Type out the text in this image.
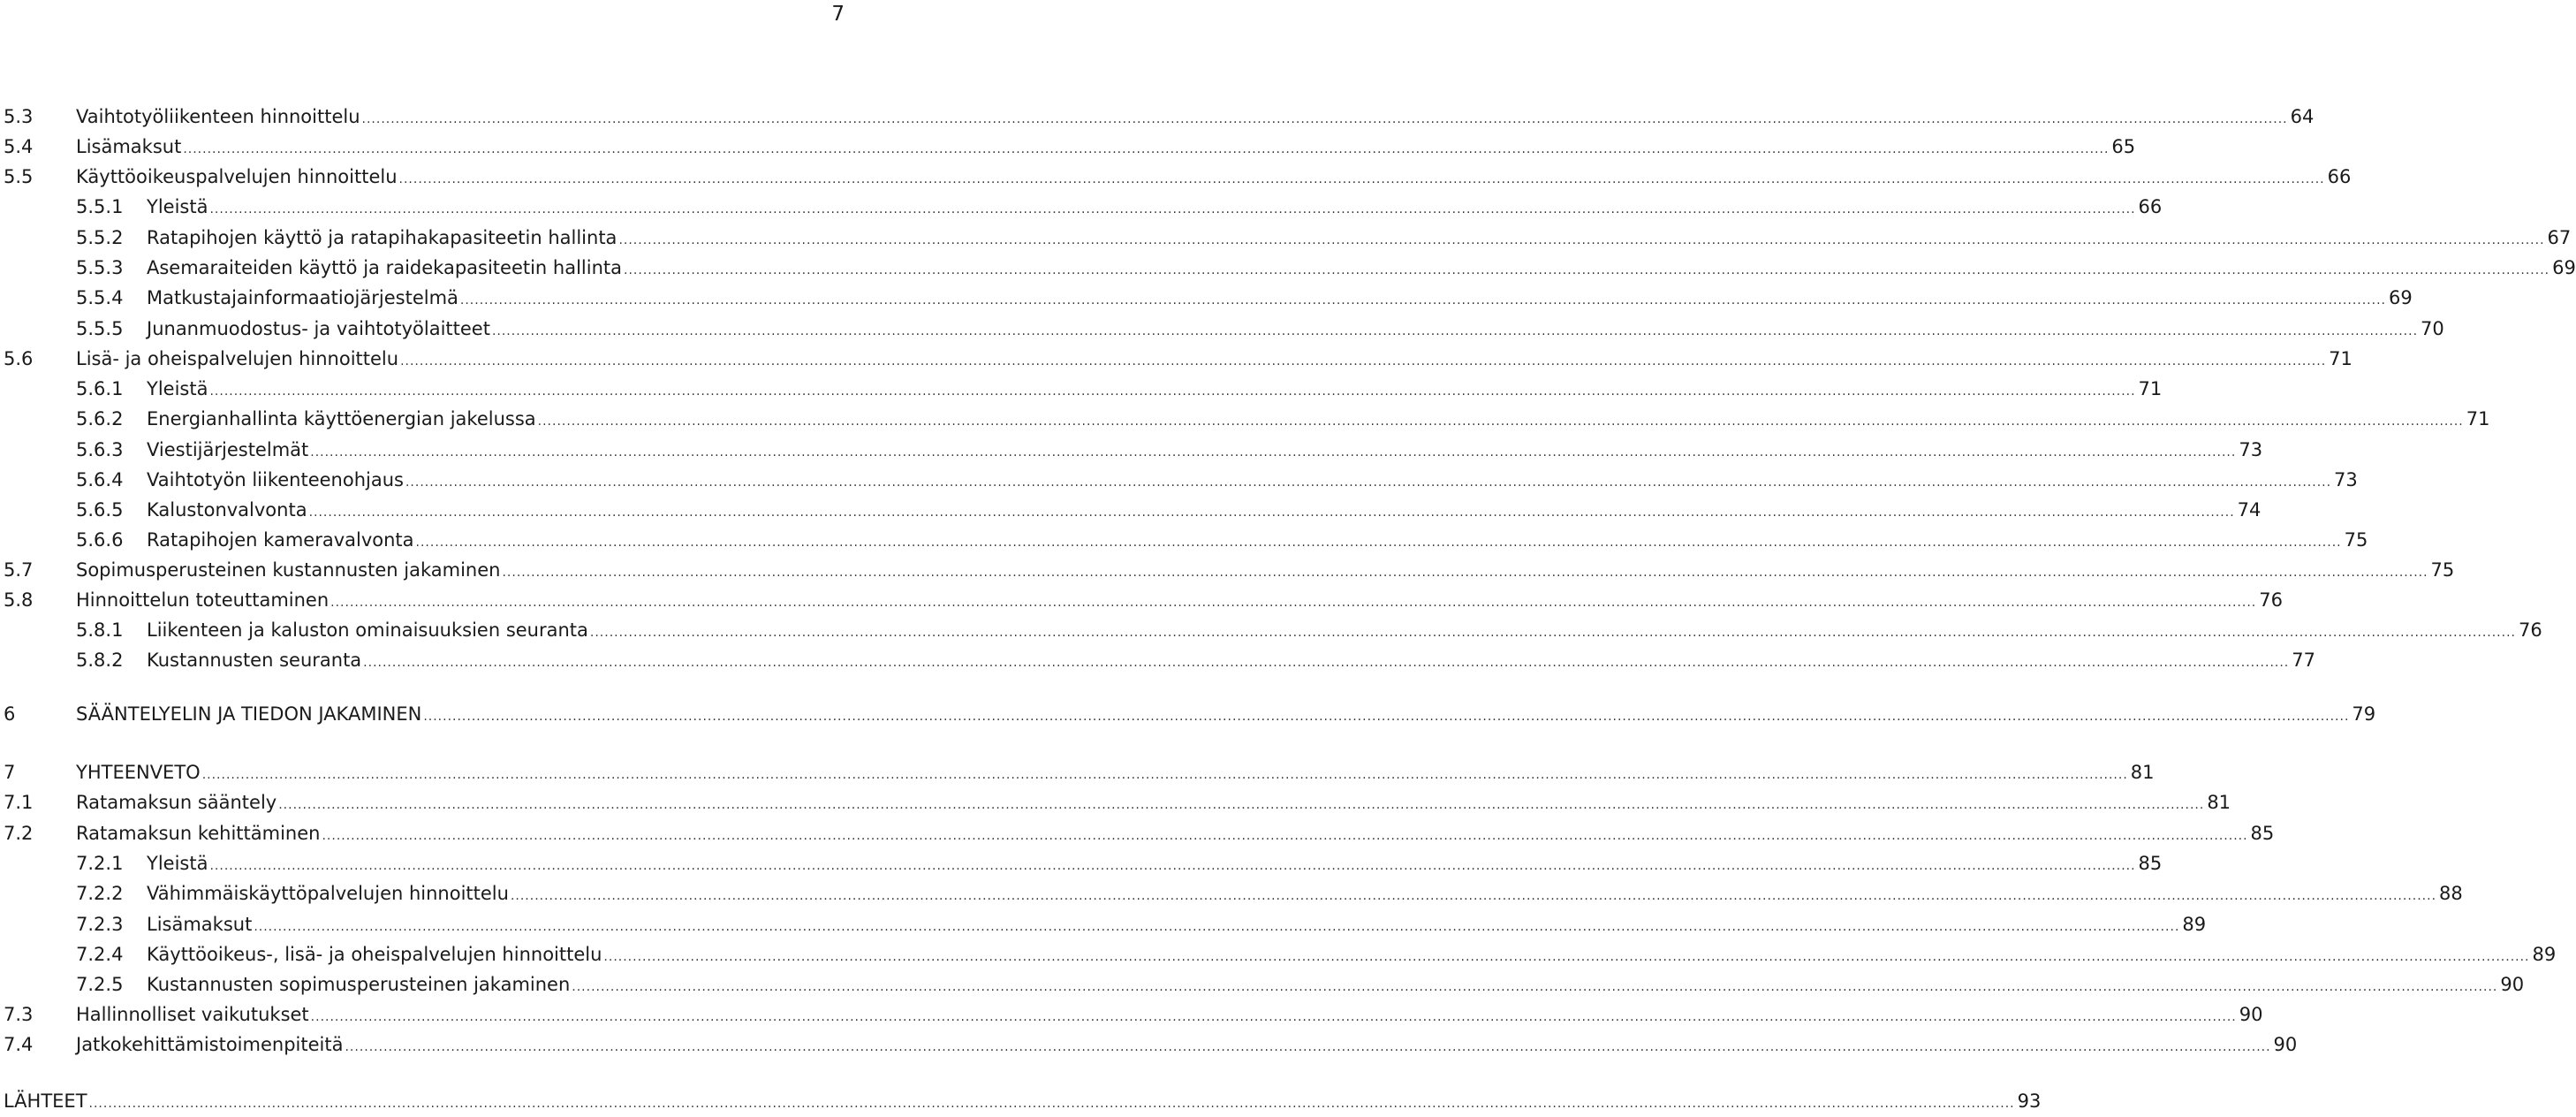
7
5.3 Vaihtotyöliikenteen hinnoittelu ................................................................................................................................................................................................................................................................................................................................................................................................................ 64
5.4 Lisämaksut ................................................................................................................................................................................................................................................................................................................................................................................................................ 65
5.5 Käyttöoikeuspalvelujen hinnoittelu ................................................................................................................................................................................................................................................................................................................................................................................................................ 66
5.5.1 Yleistä ................................................................................................................................................................................................................................................................................................................................................................................................................ 66
5.5.2 Ratapihojen käyttö ja ratapihakapasiteetin hallinta ................................................................................................................................................................................................................................................................................................................................................................................................................ 67
5.5.3 Asemaraiteiden käyttö ja raidekapasiteetin hallinta ................................................................................................................................................................................................................................................................................................................................................................................................................ 69
5.5.4 Matkustajainformaatiojärjestelmä ................................................................................................................................................................................................................................................................................................................................................................................................................ 69
5.5.5 Junanmuodostus- ja vaihtotyölaitteet ................................................................................................................................................................................................................................................................................................................................................................................................................ 70
5.6 Lisä- ja oheispalvelujen hinnoittelu ................................................................................................................................................................................................................................................................................................................................................................................................................ 71
5.6.1 Yleistä ................................................................................................................................................................................................................................................................................................................................................................................................................ 71
5.6.2 Energianhallinta käyttöenergian jakelussa ................................................................................................................................................................................................................................................................................................................................................................................................................ 71
5.6.3 Viestijärjestelmät ................................................................................................................................................................................................................................................................................................................................................................................................................ 73
5.6.4 Vaihtotyön liikenteenohjaus ................................................................................................................................................................................................................................................................................................................................................................................................................ 73
5.6.5 Kalustonvalvonta ................................................................................................................................................................................................................................................................................................................................................................................................................ 74
5.6.6 Ratapihojen kameravalvonta ................................................................................................................................................................................................................................................................................................................................................................................................................ 75
5.7 Sopimusperusteinen kustannusten jakaminen ................................................................................................................................................................................................................................................................................................................................................................................................................ 75
5.8 Hinnoittelun toteuttaminen ................................................................................................................................................................................................................................................................................................................................................................................................................ 76
5.8.1 Liikenteen ja kaluston ominaisuuksien seuranta ................................................................................................................................................................................................................................................................................................................................................................................................................ 76
5.8.2 Kustannusten seuranta ................................................................................................................................................................................................................................................................................................................................................................................................................ 77
6	SÄÄNTELYELIN JA TIEDON JAKAMINEN ................................................................................................................................................................................................................................................................................................................................................................................................................ 79
7	YHTEENVETO ................................................................................................................................................................................................................................................................................................................................................................................................................ 81
7.1 Ratamaksun sääntely ................................................................................................................................................................................................................................................................................................................................................................................................................ 81
7.2 Ratamaksun kehittäminen ................................................................................................................................................................................................................................................................................................................................................................................................................ 85
7.2.1 Yleistä ................................................................................................................................................................................................................................................................................................................................................................................................................ 85
7.2.2 Vähimmäiskäyttöpalvelujen hinnoittelu ................................................................................................................................................................................................................................................................................................................................................................................................................ 88
7.2.3 Lisämaksut ................................................................................................................................................................................................................................................................................................................................................................................................................ 89
7.2.4 Käyttöoikeus-, lisä- ja oheispalvelujen hinnoittelu ................................................................................................................................................................................................................................................................................................................................................................................................................ 89
7.2.5 Kustannusten sopimusperusteinen jakaminen ................................................................................................................................................................................................................................................................................................................................................................................................................ 90
7.3 Hallinnolliset vaikutukset ................................................................................................................................................................................................................................................................................................................................................................................................................ 90
7.4 Jatkokehittämistoimenpiteitä ................................................................................................................................................................................................................................................................................................................................................................................................................ 90
LÄHTEET ................................................................................................................................................................................................................................................................................................................................................................................................................ 93
